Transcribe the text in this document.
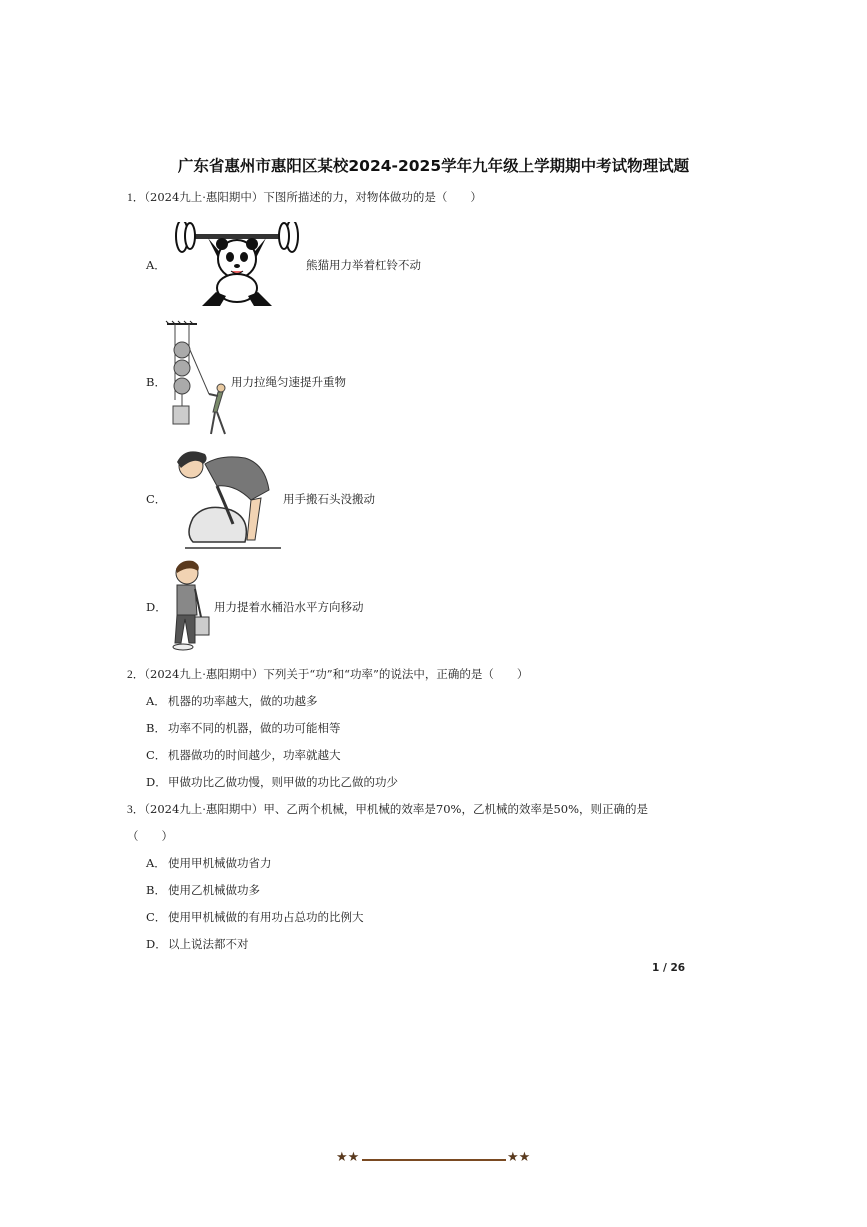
广东省惠州市惠阳区某校2024-2025学年九年级上学期期中考试物理试题
1．（2024九上·惠阳期中）下图所描述的力，对物体做功的是（　　）
A．	熊猫用力举着杠铃不动
B．	用力拉绳匀速提升重物
C．	用手搬石头没搬动
D．	用力提着水桶沿水平方向移动
2．（2024九上·惠阳期中）下列关于“功”和“功率”的说法中，正确的是（　　）
A． 机器的功率越大，做的功越多
B． 功率不同的机器，做的功可能相等
C． 机器做功的时间越少，功率就越大
D．甲做功比乙做功慢，则甲做的功比乙做的功少
3．（2024九上·惠阳期中）甲、乙两个机械，甲机械的效率是70%，乙机械的效率是50%，则正确的是
（　　）
A． 使用甲机械做功省力
B． 使用乙机械做功多
C． 使用甲机械做的有用功占总功的比例大
D．以上说法都不对
1 / 26
★★	★★
